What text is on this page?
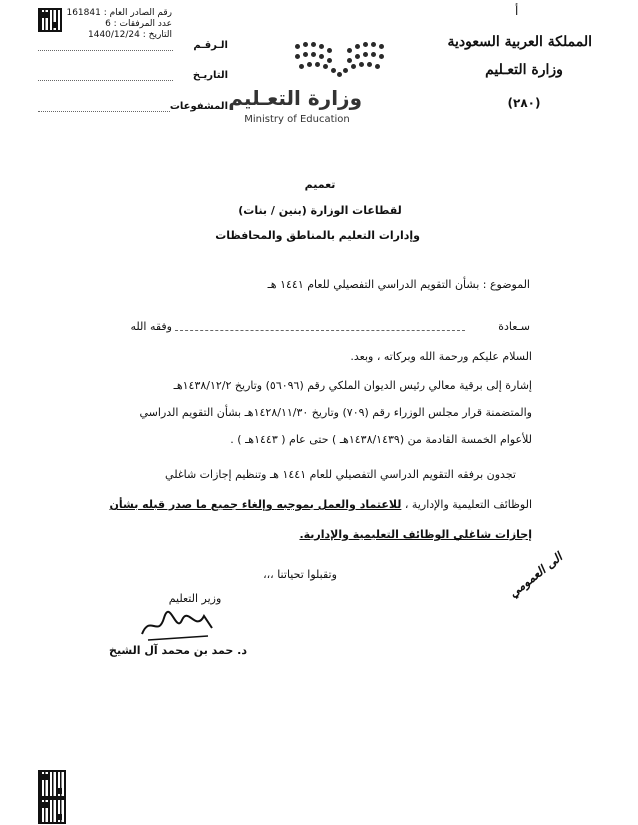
رقم الصادر العام : 161841
عدد المرفقات : 6
التاريخ : 1440/12/24
الـرقـم
التاريـخ
المشفوعات وزارة التعـليم
Ministry of Education
أ
المملكة العربية السعودية
وزارة التعـليم
(٢٨٠)
تعميم
لقطاعات الوزارة (بنين / بنات)
وإدارات التعليم بالمناطق والمحافظات
الموضوع : بشأن التقويم الدراسي التفصيلي للعام ١٤٤١ هـ
سـعادة
وفقه الله
السلام عليكم ورحمة الله وبركاته ، وبعد.
إشارة إلى برقية معالي رئيس الديوان الملكي رقم (٥٦٠٩٦) وتاريخ ١٤٣٨/١٢/٢هـ
والمتضمنة قرار مجلس الوزراء رقم (٧٠٩) وتاريخ ١٤٢٨/١١/٣٠هـ بشأن التقويم الدراسي
للأعوام الخمسة القادمة من (١٤٣٨/١٤٣٩هـ ) حتى عام ( ١٤٤٣هـ ) .
تجدون برفقه التقويم الدراسي التفصيلي للعام ١٤٤١ هـ وتنظيم إجازات شاغلي
الوظائف التعليمية والإدارية ، للاعتماد والعمل بموجبه وإلغاء جميع ما صدر قبله بشأن
إجازات شاغلي الوظائف التعليمية والإدارية.
وتقبلوا تحياتنا ،،،	الى العمومي
وزير التعليم
د. حمد بن محمد آل الشيخ
